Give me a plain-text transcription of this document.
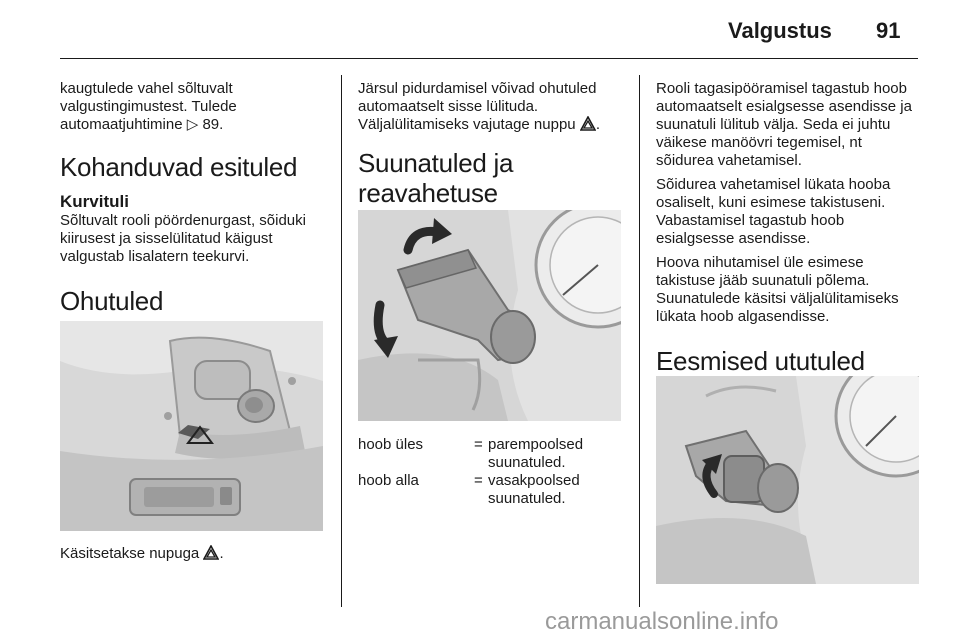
Valgustus 91

kaugtulede vahel sõltuvalt valgustingimustest. Tulede automaatjuhtimine ▷ 89.

Kohanduvad esituled
Kurvituli

Sõltuvalt rooli pöördenurgast, sõiduki kiirusest ja sisselülitatud käigust valgustab lisalatern teekurvi.

Ohutuled

Käsitsetakse nupuga .

Järsul pidurdamisel võivad ohutuled automaatselt sisse lülituda.

Väljalülitamiseks vajutage nuppu .

Suunatuled ja reavahetuse
hoob üles	=	parempoolsed suunatuled.
hoob alla	=	vasakpoolsed suunatuled.

Rooli tagasipööramisel tagastub hoob automaatselt esialgsesse asendisse ja suunatuli lülitub välja. Seda ei juhtu väikese manöövri tegemisel, nt sõidurea vahetamisel.

Sõidurea vahetamisel lükata hooba osaliselt, kuni esimese takistuseni. Vabastamisel tagastub hoob esialgsesse asendisse.

Hoova nihutamisel üle esimese takistuse jääb suunatuli põlema. Suunatulede käsitsi väljalülitamiseks lükata hoob algasendisse.

Eesmised ututuled
carmanualsonline.info
